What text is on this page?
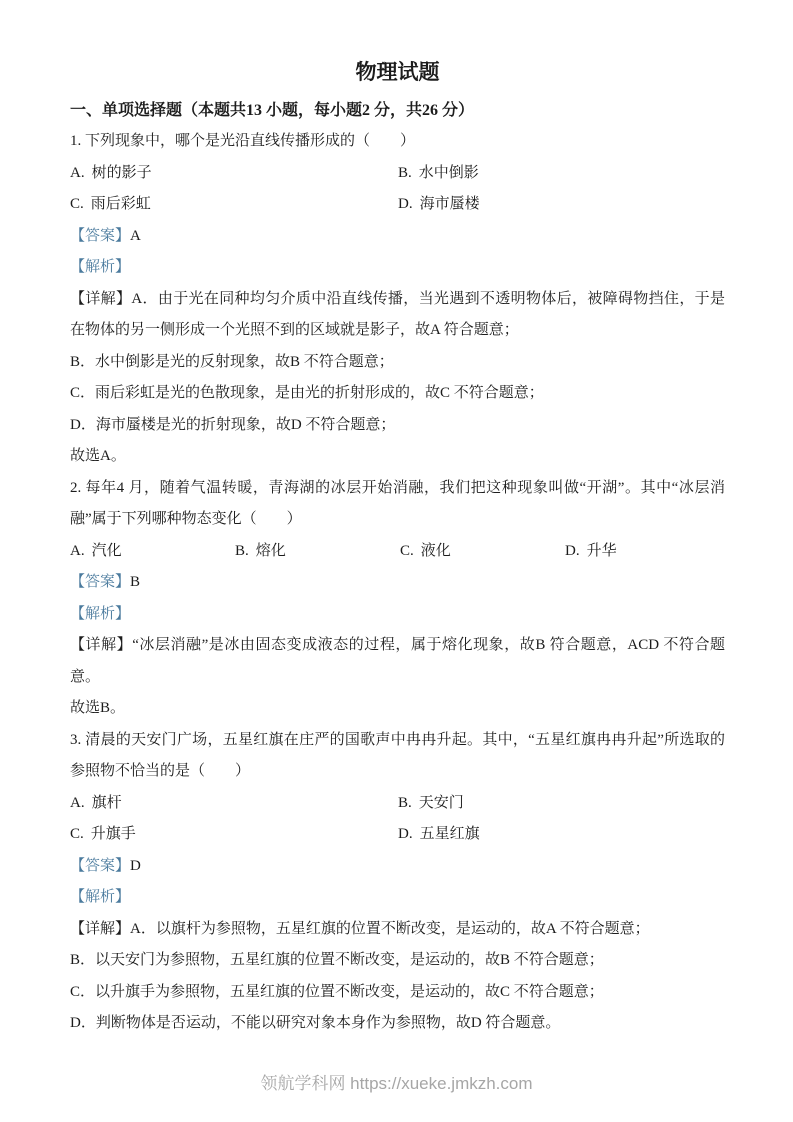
物理试题
一、单项选择题（本题共13 小题，每小题2 分，共26 分）

1. 下列现象中，哪个是光沿直线传播形成的（　　）

A. 树的影子	B. 水中倒影

C. 雨后彩虹	D. 海市蜃楼

【答案】A

【解析】

【详解】A．由于光在同种均匀介质中沿直线传播，当光遇到不透明物体后，被障碍物挡住，于是在物体的另一侧形成一个光照不到的区域就是影子，故A 符合题意；

B．水中倒影是光的反射现象，故B 不符合题意；

C．雨后彩虹是光的色散现象，是由光的折射形成的，故C 不符合题意；

D．海市蜃楼是光的折射现象，故D 不符合题意；

故选A。

2. 每年4 月，随着气温转暖，青海湖的冰层开始消融，我们把这种现象叫做“开湖”。其中“冰层消融”属于下列哪种物态变化（　　）

A. 汽化	B. 熔化	C. 液化	D. 升华

【答案】B

【解析】

【详解】“冰层消融”是冰由固态变成液态的过程，属于熔化现象，故B 符合题意，ACD 不符合题意。

故选B。

3. 清晨的天安门广场，五星红旗在庄严的国歌声中冉冉升起。其中，“五星红旗冉冉升起”所选取的参照物不恰当的是（　　）

A. 旗杆	B. 天安门

C. 升旗手	D. 五星红旗

【答案】D

【解析】

【详解】A．以旗杆为参照物，五星红旗的位置不断改变，是运动的，故A 不符合题意；

B．以天安门为参照物，五星红旗的位置不断改变，是运动的，故B 不符合题意；

C．以升旗手为参照物，五星红旗的位置不断改变，是运动的，故C 不符合题意；

D．判断物体是否运动，不能以研究对象本身作为参照物，故D 符合题意。

领航学科网 https://xueke.jmkzh.com
